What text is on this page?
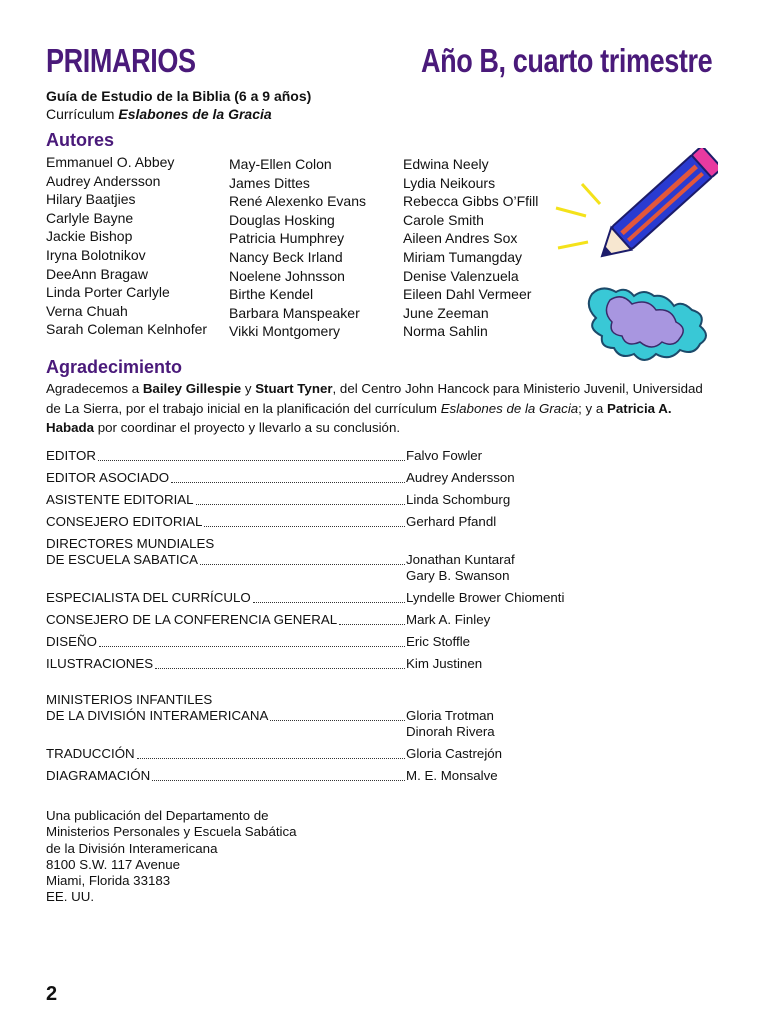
PRIMARIOS	Año B, cuarto trimestre
Guía de Estudio de la Biblia (6 a 9 años)
Currículum Eslabones de la Gracia
Autores
Emmanuel O. Abbey
Audrey Andersson
Hilary Baatjies
Carlyle Bayne
Jackie Bishop
Iryna Bolotnikov
DeeAnn Bragaw
Linda Porter Carlyle
Verna Chuah
Sarah Coleman Kelnhofer
May-Ellen Colon
James Dittes
René Alexenko Evans
Douglas Hosking
Patricia Humphrey
Nancy Beck Irland
Noelene Johnsson
Birthe Kendel
Barbara Manspeaker
Vikki Montgomery
Edwina Neely
Lydia Neikours
Rebecca Gibbs O’Ffill
Carole Smith
Aileen Andres Sox
Miriam Tumangday
Denise Valenzuela
Eileen Dahl Vermeer
June Zeeman
Norma Sahlin
Agradecimiento
Agradecemos a Bailey Gillespie y Stuart Tyner, del Centro John Hancock para Ministerio Juvenil, Universidad de La Sierra, por el trabajo inicial en la planificación del currículum Eslabones de la Gracia; y a Patricia A. Habada por coordinar el proyecto y llevarlo a su conclusión.
EDITOR	Falvo Fowler
EDITOR ASOCIADO	Audrey Andersson
ASISTENTE EDITORIAL	Linda Schomburg
CONSEJERO EDITORIAL	Gerhard Pfandl
DIRECTORES MUNDIALES
DE ESCUELA SABATICA	Jonathan Kuntaraf
Gary B. Swanson
ESPECIALISTA DEL CURRÍCULO	Lyndelle Brower Chiomenti
CONSEJERO DE LA CONFERENCIA GENERAL	Mark A. Finley
DISEÑO	Eric Stoffle
ILUSTRACIONES	Kim Justinen
MINISTERIOS INFANTILES
DE LA DIVISIÓN INTERAMERICANA	Gloria Trotman
Dinorah Rivera
TRADUCCIÓN	Gloria Castrejón
DIAGRAMACIÓN	M. E. Monsalve
Una publicación del Departamento de
Ministerios Personales y Escuela Sabática
de la División Interamericana
8100 S.W. 117 Avenue
Miami, Florida 33183
EE. UU.
2
